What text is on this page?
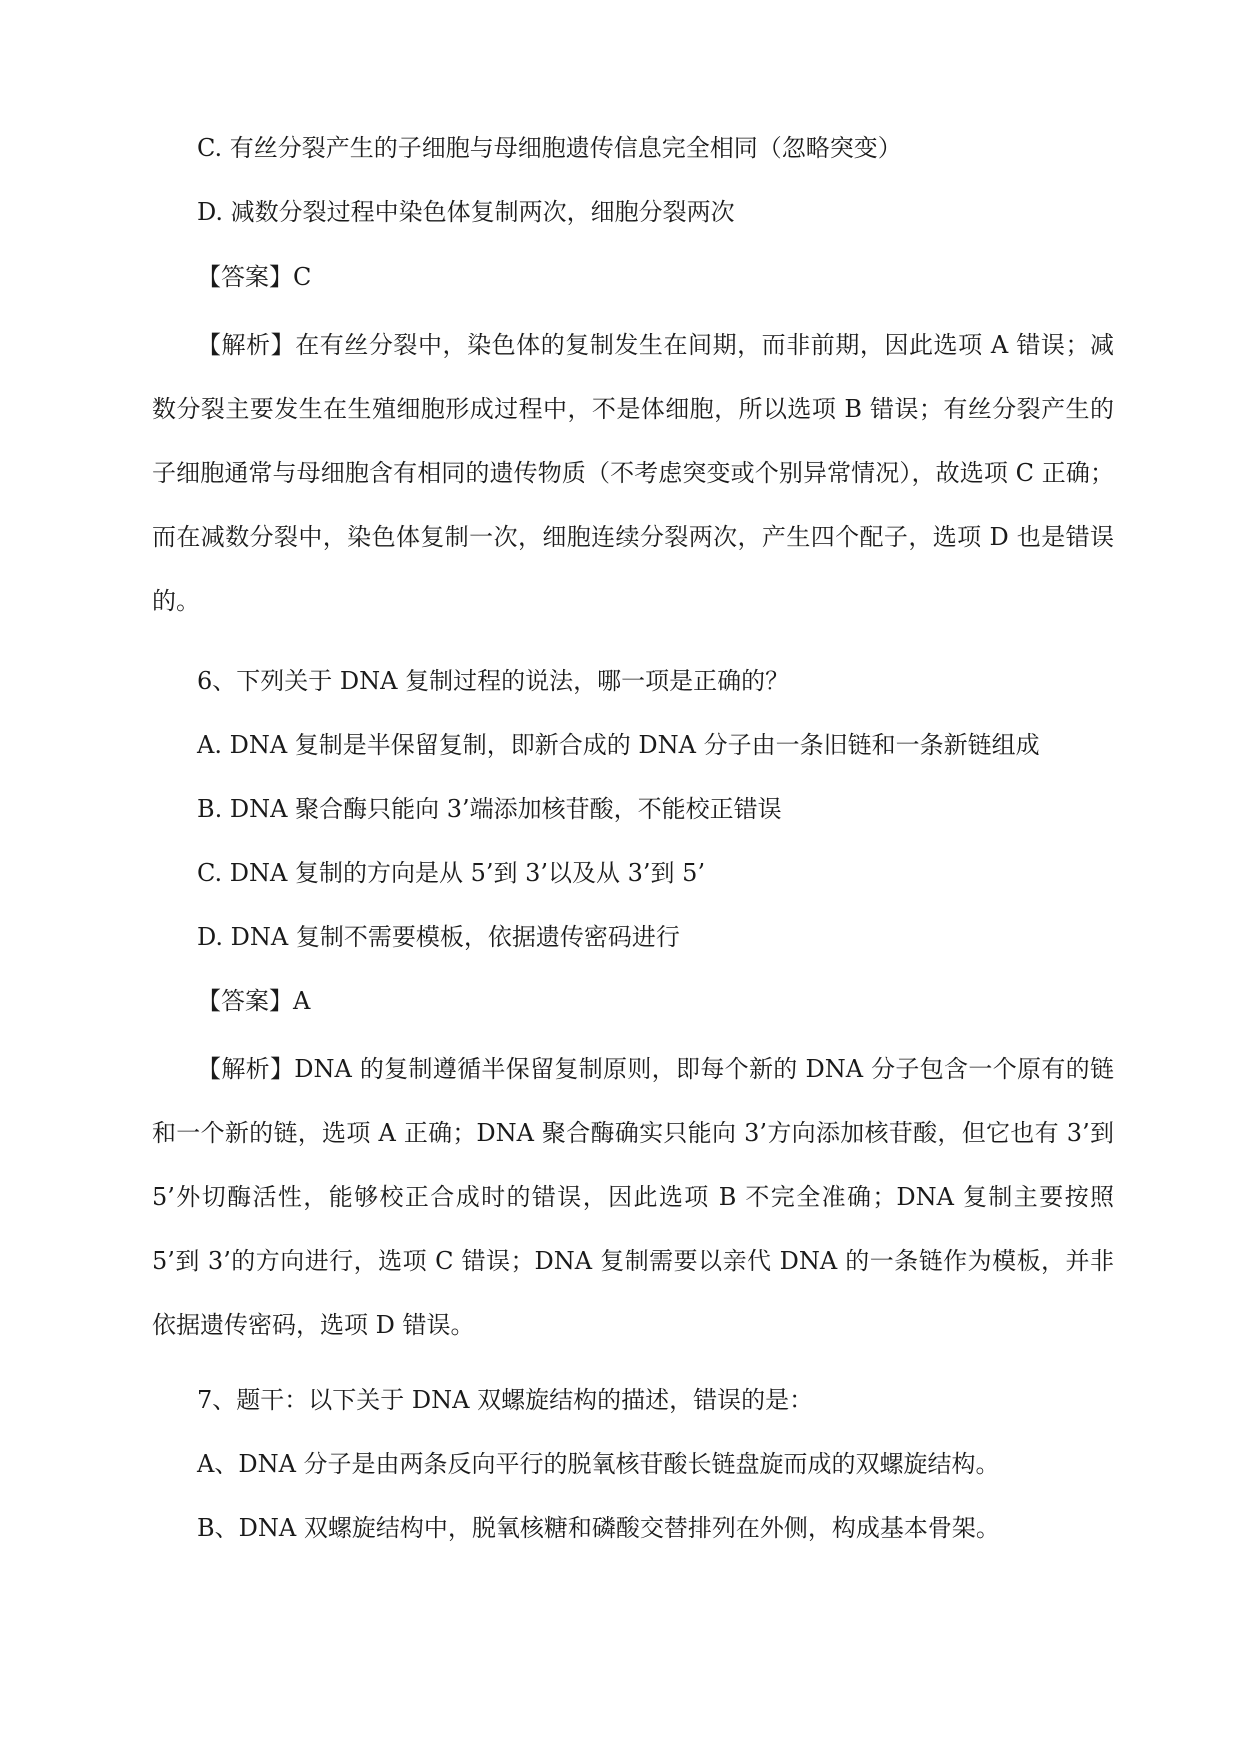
C. 有丝分裂产生的子细胞与母细胞遗传信息完全相同（忽略突变）
D. 减数分裂过程中染色体复制两次，细胞分裂两次
【答案】C
【解析】在有丝分裂中，染色体的复制发生在间期，而非前期，因此选项 A 错误；减数分裂主要发生在生殖细胞形成过程中，不是体细胞，所以选项 B 错误；有丝分裂产生的子细胞通常与母细胞含有相同的遗传物质（不考虑突变或个别异常情况），故选项 C 正确；而在减数分裂中，染色体复制一次，细胞连续分裂两次，产生四个配子，选项 D 也是错误的。
6、下列关于 DNA 复制过程的说法，哪一项是正确的？
A. DNA 复制是半保留复制，即新合成的 DNA 分子由一条旧链和一条新链组成
B. DNA 聚合酶只能向 3’端添加核苷酸，不能校正错误
C. DNA 复制的方向是从 5’到 3’以及从 3’到 5’
D. DNA 复制不需要模板，依据遗传密码进行
【答案】A
【解析】DNA 的复制遵循半保留复制原则，即每个新的 DNA 分子包含一个原有的链和一个新的链，选项 A 正确；DNA 聚合酶确实只能向 3’方向添加核苷酸，但它也有 3’到 5’外切酶活性，能够校正合成时的错误，因此选项 B 不完全准确；DNA 复制主要按照 5’到 3’的方向进行，选项 C 错误；DNA 复制需要以亲代 DNA 的一条链作为模板，并非依据遗传密码，选项 D 错误。
7、题干：以下关于 DNA 双螺旋结构的描述，错误的是：
A、DNA 分子是由两条反向平行的脱氧核苷酸长链盘旋而成的双螺旋结构。
B、DNA 双螺旋结构中，脱氧核糖和磷酸交替排列在外侧，构成基本骨架。
